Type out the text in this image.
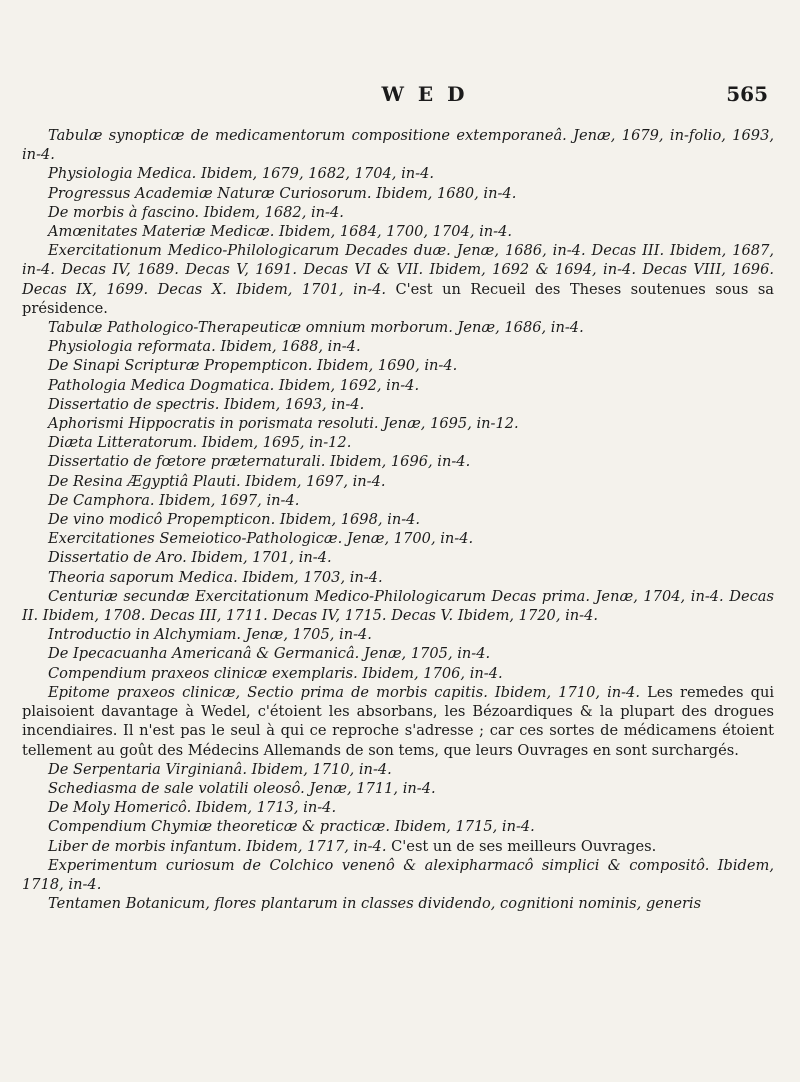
WED	565

Tabulæ synopticæ de medicamentorum compositione extemporaneâ. Jenæ, 1679, in-folio, 1693, in-4.

Physiologia Medica. Ibidem, 1679, 1682, 1704, in-4.

Progressus Academiæ Naturæ Curiosorum. Ibidem, 1680, in-4.

De morbis à fascino. Ibidem, 1682, in-4.

Amœnitates Materiæ Medicæ. Ibidem, 1684, 1700, 1704, in-4.

Exercitationum Medico-Philologicarum Decades duæ. Jenæ, 1686, in-4. Decas III. Ibidem, 1687, in-4. Decas IV, 1689. Decas V, 1691. Decas VI & VII. Ibidem, 1692 & 1694, in-4. Decas VIII, 1696. Decas IX, 1699. Decas X. Ibidem, 1701, in-4. C'est un Recueil des Theses soutenues sous sa présidence.

Tabulæ Pathologico-Therapeuticæ omnium morborum. Jenæ, 1686, in-4.

Physiologia reformata. Ibidem, 1688, in-4.

De Sinapi Scripturæ Propempticon. Ibidem, 1690, in-4.

Pathologia Medica Dogmatica. Ibidem, 1692, in-4.

Dissertatio de spectris. Ibidem, 1693, in-4.

Aphorismi Hippocratis in porismata resoluti. Jenæ, 1695, in-12.

Diæta Litteratorum. Ibidem, 1695, in-12.

Dissertatio de fœtore præternaturali. Ibidem, 1696, in-4.

De Resina Ægyptiâ Plauti. Ibidem, 1697, in-4.

De Camphora. Ibidem, 1697, in-4.

De vino modicô Propempticon. Ibidem, 1698, in-4.

Exercitationes Semeiotico-Pathologicæ. Jenæ, 1700, in-4.

Dissertatio de Aro. Ibidem, 1701, in-4.

Theoria saporum Medica. Ibidem, 1703, in-4.

Centuriæ secundæ Exercitationum Medico-Philologicarum Decas prima. Jenæ, 1704, in-4. Decas II. Ibidem, 1708. Decas III, 1711. Decas IV, 1715. Decas V. Ibidem, 1720, in-4.

Introductio in Alchymiam. Jenæ, 1705, in-4.

De Ipecacuanha Americanâ & Germanicâ. Jenæ, 1705, in-4.

Compendium praxeos clinicæ exemplaris. Ibidem, 1706, in-4.

Epitome praxeos clinicæ, Sectio prima de morbis capitis. Ibidem, 1710, in-4. Les remedes qui plaisoient davantage à Wedel, c'étoient les absorbans, les Bézoardiques & la plupart des drogues incendiaires. Il n'est pas le seul à qui ce reproche s'adresse ; car ces sortes de médicamens étoient tellement au goût des Médecins Allemands de son tems, que leurs Ouvrages en sont surchargés.

De Serpentaria Virginianâ. Ibidem, 1710, in-4.

Schediasma de sale volatili oleosô. Jenæ, 1711, in-4.

De Moly Homericô. Ibidem, 1713, in-4.

Compendium Chymiæ theoreticæ & practicæ. Ibidem, 1715, in-4.

Liber de morbis infantum. Ibidem, 1717, in-4. C'est un de ses meilleurs Ouvrages.

Experimentum curiosum de Colchico venenô & alexipharmacô simplici & compositô. Ibidem, 1718, in-4.

Tentamen Botanicum, flores plantarum in classes dividendo, cognitioni nominis, generis
